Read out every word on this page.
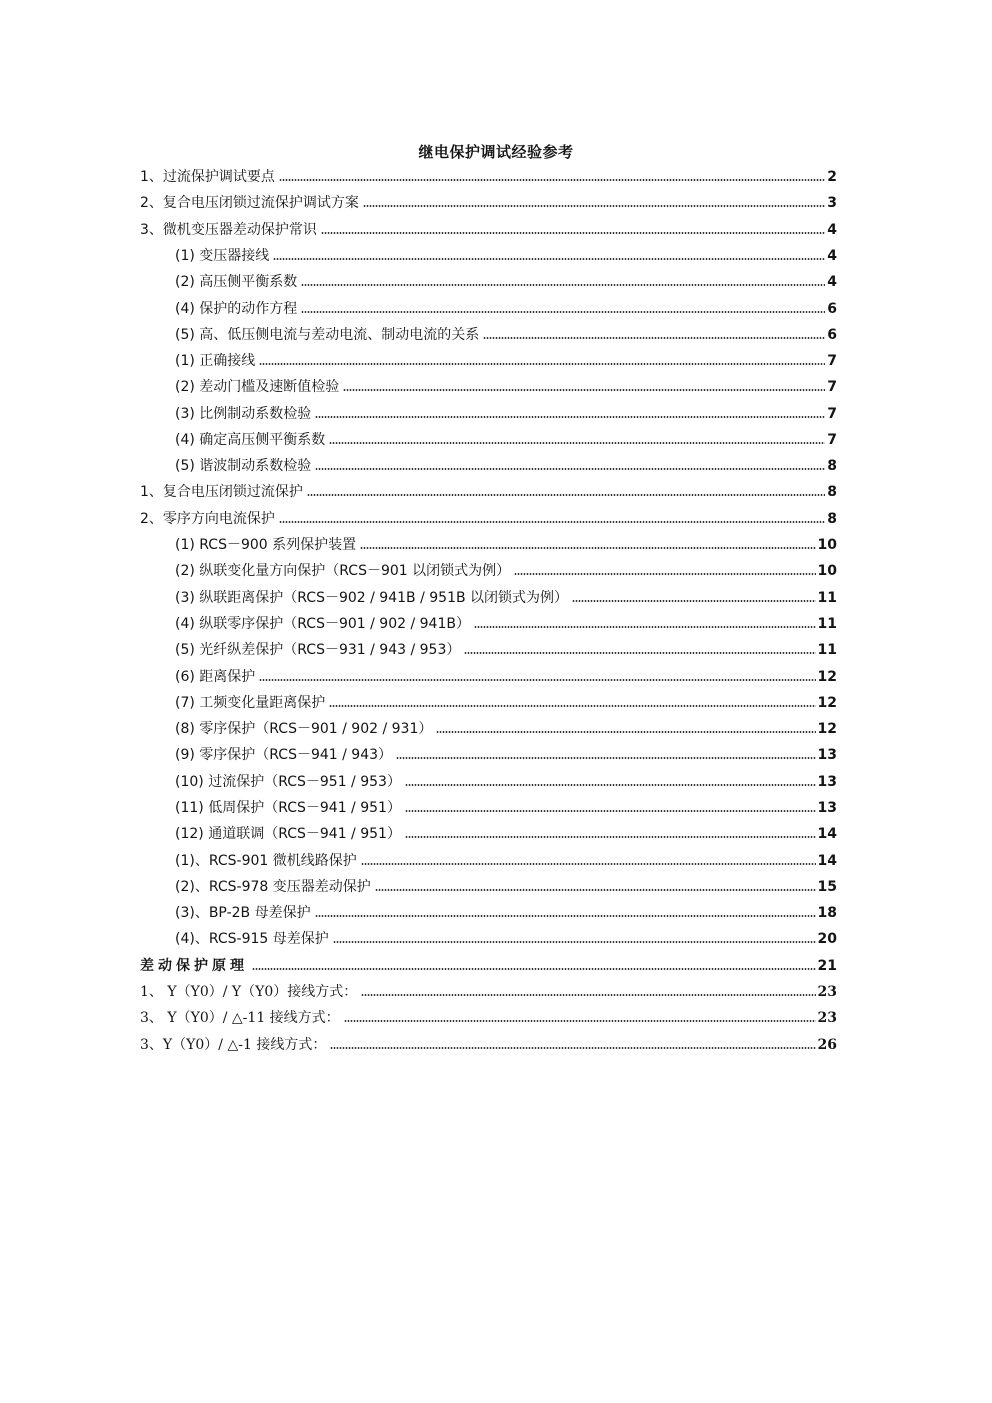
继电保护调试经验参考
1、过流保护调试要点	2
2、复合电压闭锁过流保护调试方案	3
3、微机变压器差动保护常识	4
(1) 变压器接线	4
(2) 高压侧平衡系数	4
(4) 保护的动作方程	6
(5) 高、低压侧电流与差动电流、制动电流的关系	6
(1) 正确接线	7
(2) 差动门槛及速断值检验	7
(3) 比例制动系数检验	7
(4) 确定高压侧平衡系数	7
(5) 谐波制动系数检验	8
1、复合电压闭锁过流保护	8
2、零序方向电流保护	8
(1) RCS－900 系列保护装置	10
(2) 纵联变化量方向保护（RCS－901 以闭锁式为例）	10
(3) 纵联距离保护（RCS－902 / 941B / 951B 以闭锁式为例）	11
(4) 纵联零序保护（RCS－901 / 902 / 941B）	11
(5) 光纤纵差保护（RCS－931 / 943 / 953）	11
(6) 距离保护	12
(7) 工频变化量距离保护	12
(8) 零序保护（RCS－901 / 902 / 931）	12
(9) 零序保护（RCS－941 / 943）	13
(10) 过流保护（RCS－951 / 953）	13
(11) 低周保护（RCS－941 / 951）	13
(12) 通道联调（RCS－941 / 951）	14
(1)、RCS-901 微机线路保护	14
(2)、RCS-978 变压器差动保护	15
(3)、BP-2B 母差保护	18
(4)、RCS-915 母差保护	20
差动保护原理	21
1、 Y（Y0）/ Y（Y0）接线方式：	23
3、 Y（Y0）/ △-11 接线方式：	23
3、Y（Y0）/ △-1 接线方式：	26
